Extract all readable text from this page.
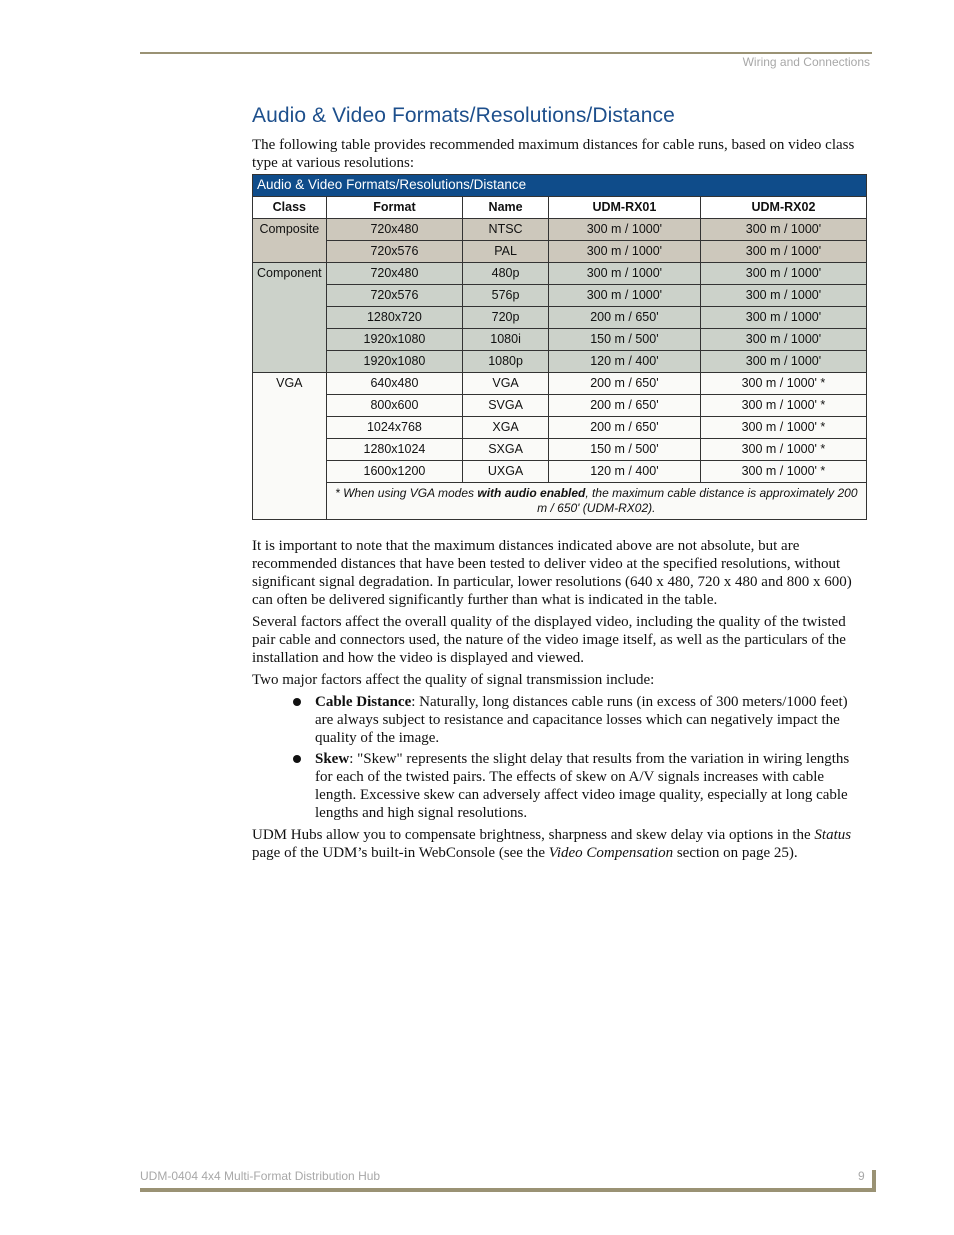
Wiring and Connections
Audio & Video Formats/Resolutions/Distance

The following table provides recommended maximum distances for cable runs, based on video class type at various resolutions:

Audio & Video Formats/Resolutions/Distance				
Class	Format	Name	UDM-RX01	UDM-RX02
Composite	720x480	NTSC	300 m / 1000'	300 m / 1000'
	720x576	PAL	300 m / 1000'	300 m / 1000'
Component	720x480	480p	300 m / 1000'	300 m / 1000'
	720x576	576p	300 m / 1000'	300 m / 1000'
	1280x720	720p	200 m / 650'	300 m / 1000'
	1920x1080	1080i	150 m / 500'	300 m / 1000'
	1920x1080	1080p	120 m / 400'	300 m / 1000'
VGA	640x480	VGA	200 m / 650'	300 m / 1000' *
	800x600	SVGA	200 m / 650'	300 m / 1000' *
	1024x768	XGA	200 m / 650'	300 m / 1000' *
	1280x1024	SXGA	150 m / 500'	300 m / 1000' *
	1600x1200	UXGA	120 m / 400'	300 m / 1000' *
	* When using VGA modes with audio enabled, the maximum cable distance is approximately 200 m / 650' (UDM-RX02).			

It is important to note that the maximum distances indicated above are not absolute, but are recommended distances that have been tested to deliver video at the specified resolutions, without significant signal degradation. In particular, lower resolutions (640 x 480, 720 x 480 and 800 x 600) can often be delivered significantly further than what is indicated in the table.

Several factors affect the overall quality of the displayed video, including the quality of the twisted pair cable and connectors used, the nature of the video image itself, as well as the particulars of the installation and how the video is displayed and viewed.

Two major factors affect the quality of signal transmission include:

Cable Distance: Naturally, long distances cable runs (in excess of 300 meters/1000 feet) are always subject to resistance and capacitance losses which can negatively impact the quality of the image.
Skew: "Skew" represents the slight delay that results from the variation in wiring lengths for each of the twisted pairs. The effects of skew on A/V signals increases with cable length. Excessive skew can adversely affect video image quality, especially at long cable lengths and high signal resolutions.

UDM Hubs allow you to compensate brightness, sharpness and skew delay via options in the Status page of the UDM’s built-in WebConsole (see the Video Compensation section on page 25).

UDM-0404 4x4 Multi-Format Distribution Hub	9
